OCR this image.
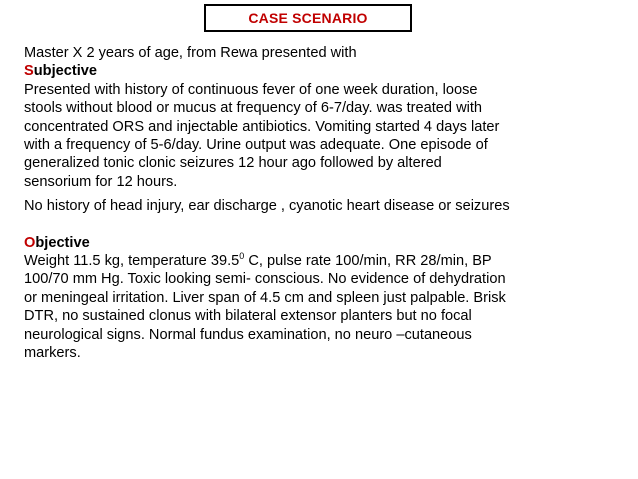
CASE SCENARIO
Master X 2 years of age, from Rewa presented with
Subjective
Presented with history of continuous fever of one week duration, loose
stools without blood or mucus at frequency of 6-7/day. was treated with
concentrated ORS and injectable antibiotics. Vomiting started 4 days later
with a frequency of 5-6/day. Urine output was adequate. One episode of
generalized tonic clonic seizures 12 hour ago followed by altered
sensorium for 12 hours.
No history of head injury, ear discharge , cyanotic heart disease or seizures
Objective
Weight 11.5 kg, temperature 39.5$^0$ C, pulse rate 100/min, RR 28/min, BP
100/70 mm Hg. Toxic looking semi- conscious. No evidence of dehydration
or meningeal irritation. Liver span of 4.5 cm and spleen just palpable. Brisk
DTR, no sustained clonus with bilateral extensor planters but no focal
neurological signs. Normal fundus examination, no neuro –cutaneous
markers.
